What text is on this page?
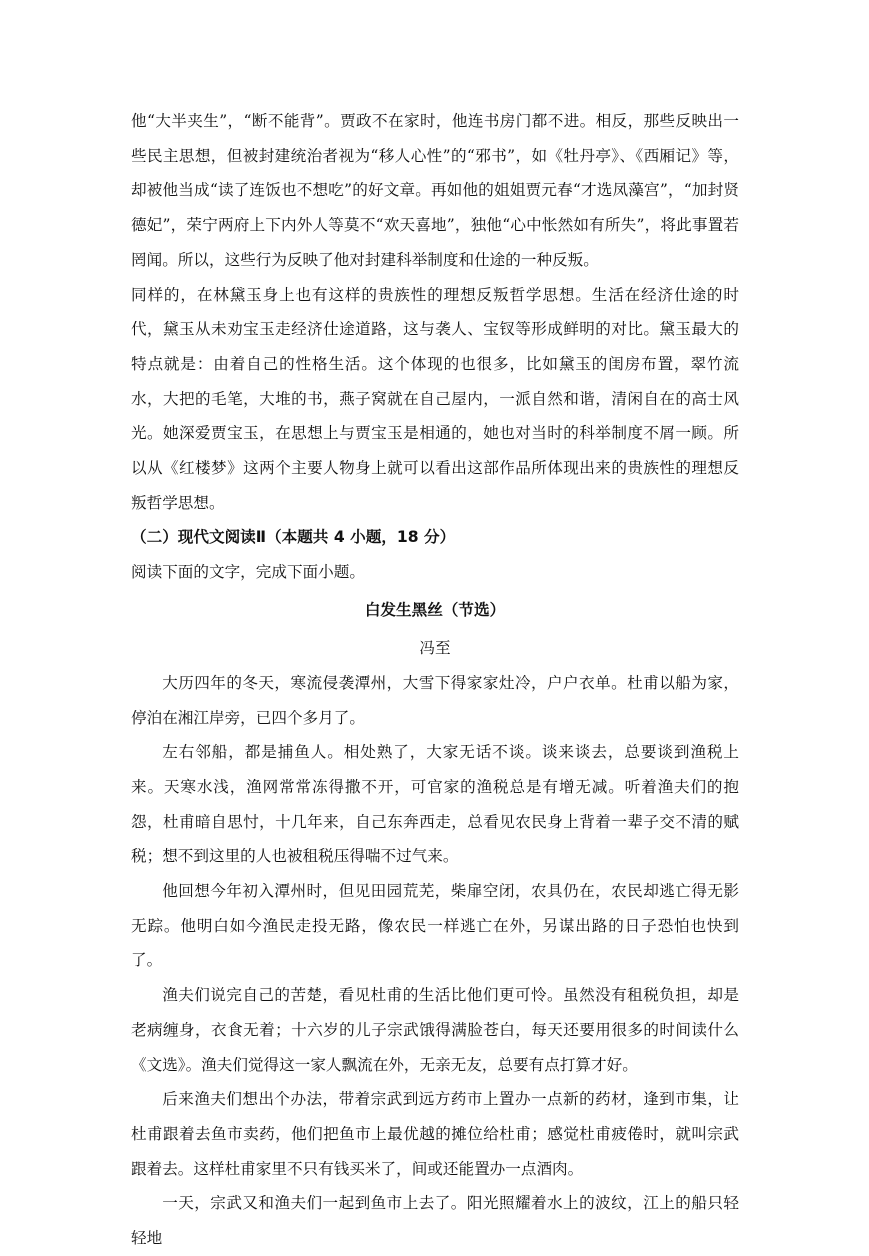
他“大半夹生”，“断不能背”。贾政不在家时，他连书房门都不进。相反，那些反映出一些民主思想，但被封建统治者视为“移人心性”的“邪书”，如《牡丹亭》、《西厢记》等，却被他当成“读了连饭也不想吃”的好文章。再如他的姐姐贾元春“才选凤藻宫”，“加封贤德妃”，荣宁两府上下内外人等莫不“欢天喜地”，独他“心中怅然如有所失”，将此事置若罔闻。所以，这些行为反映了他对封建科举制度和仕途的一种反叛。

同样的，在林黛玉身上也有这样的贵族性的理想反叛哲学思想。生活在经济仕途的时代，黛玉从未劝宝玉走经济仕途道路，这与袭人、宝钗等形成鲜明的对比。黛玉最大的特点就是：由着自己的性格生活。这个体现的也很多，比如黛玉的闺房布置，翠竹流水，大把的毛笔，大堆的书，燕子窝就在自己屋内，一派自然和谐，清闲自在的高士风光。她深爱贾宝玉，在思想上与贾宝玉是相通的，她也对当时的科举制度不屑一顾。所以从《红楼梦》这两个主要人物身上就可以看出这部作品所体现出来的贵族性的理想反叛哲学思想。

（二）现代文阅读Ⅱ（本题共 4 小题，18 分）
阅读下面的文字，完成下面小题。
白发生黑丝（节选）
冯至

大历四年的冬天，寒流侵袭潭州，大雪下得家家灶冷，户户衣单。杜甫以船为家，停泊在湘江岸旁，已四个多月了。

左右邻船，都是捕鱼人。相处熟了，大家无话不谈。谈来谈去，总要谈到渔税上来。天寒水浅，渔网常常冻得撒不开，可官家的渔税总是有增无减。听着渔夫们的抱怨，杜甫暗自思忖，十几年来，自己东奔西走，总看见农民身上背着一辈子交不清的赋税；想不到这里的人也被租税压得喘不过气来。

他回想今年初入潭州时，但见田园荒芜，柴扉空闭，农具仍在，农民却逃亡得无影无踪。他明白如今渔民走投无路，像农民一样逃亡在外，另谋出路的日子恐怕也快到了。

渔夫们说完自己的苦楚，看见杜甫的生活比他们更可怜。虽然没有租税负担，却是老病缠身，衣食无着；十六岁的儿子宗武饿得满脸苍白，每天还要用很多的时间读什么《文选》。渔夫们觉得这一家人飘流在外，无亲无友，总要有点打算才好。

后来渔夫们想出个办法，带着宗武到远方药市上置办一点新的药材，逢到市集，让杜甫跟着去鱼市卖药，他们把鱼市上最优越的摊位给杜甫；感觉杜甫疲倦时，就叫宗武跟着去。这样杜甫家里不只有钱买米了，间或还能置办一点酒肉。

一天，宗武又和渔夫们一起到鱼市上去了。阳光照耀着水上的波纹，江上的船只轻轻地
